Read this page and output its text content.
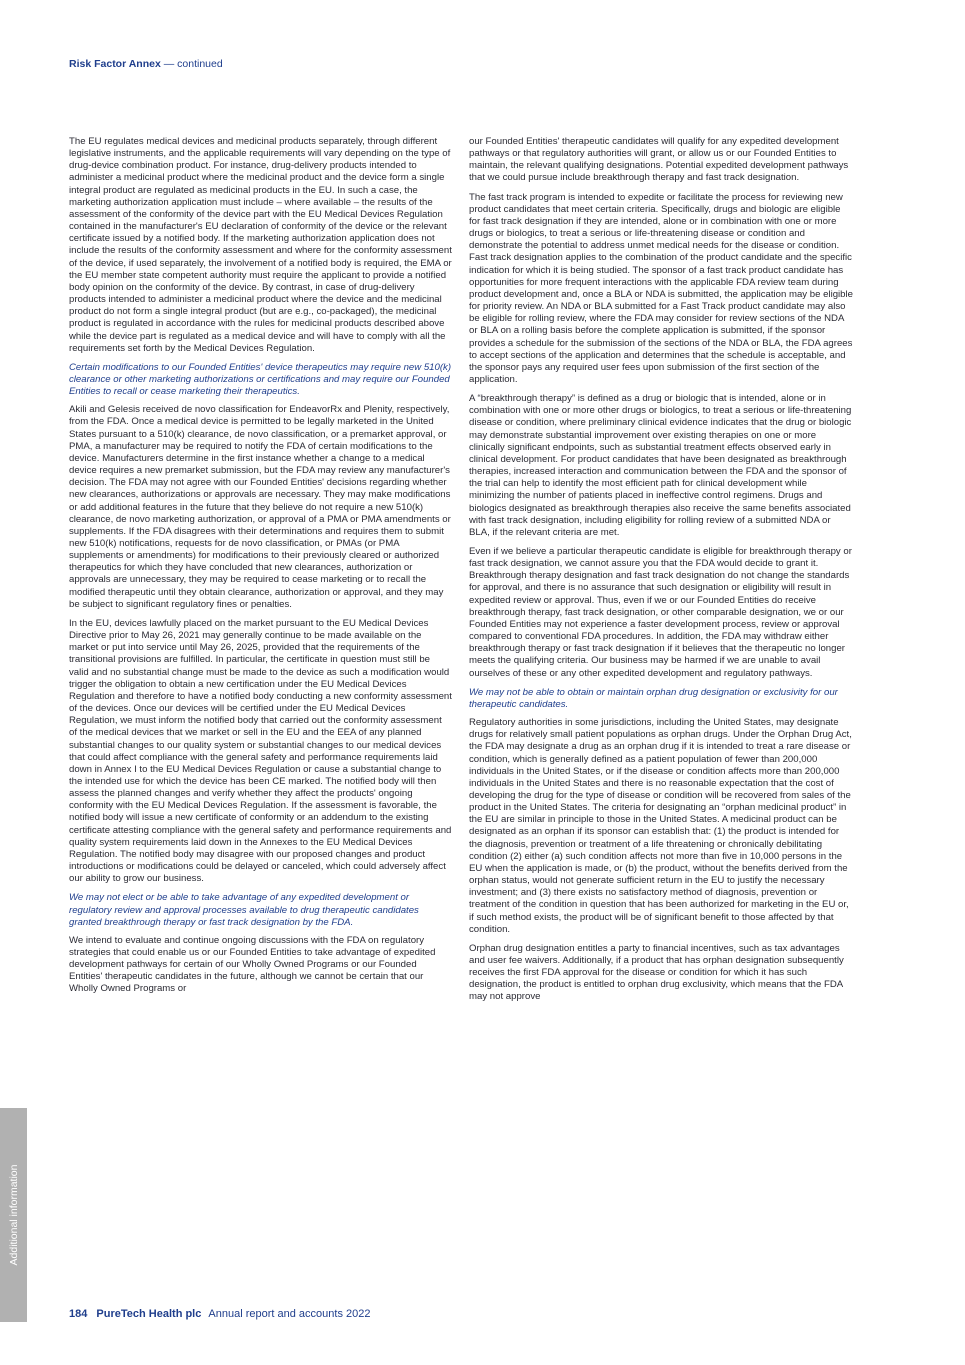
Risk Factor Annex — continued

The EU regulates medical devices and medicinal products separately, through different legislative instruments, and the applicable requirements will vary depending on the type of drug-device combination product. For instance, drug-delivery products intended to administer a medicinal product where the medicinal product and the device form a single integral product are regulated as medicinal products in the EU. In such a case, the marketing authorization application must include – where available – the results of the assessment of the conformity of the device part with the EU Medical Devices Regulation contained in the manufacturer's EU declaration of conformity of the device or the relevant certificate issued by a notified body. If the marketing authorization application does not include the results of the conformity assessment and where for the conformity assessment of the device, if used separately, the involvement of a notified body is required, the EMA or the EU member state competent authority must require the applicant to provide a notified body opinion on the conformity of the device. By contrast, in case of drug-delivery products intended to administer a medicinal product where the device and the medicinal product do not form a single integral product (but are e.g., co-packaged), the medicinal product is regulated in accordance with the rules for medicinal products described above while the device part is regulated as a medical device and will have to comply with all the requirements set forth by the Medical Devices Regulation.

Certain modifications to our Founded Entities' device therapeutics may require new 510(k) clearance or other marketing authorizations or certifications and may require our Founded Entities to recall or cease marketing their therapeutics.

Akili and Gelesis received de novo classification for EndeavorRx and Plenity, respectively, from the FDA. Once a medical device is permitted to be legally marketed in the United States pursuant to a 510(k) clearance, de novo classification, or a premarket approval, or PMA, a manufacturer may be required to notify the FDA of certain modifications to the device. Manufacturers determine in the first instance whether a change to a medical device requires a new premarket submission, but the FDA may review any manufacturer's decision. The FDA may not agree with our Founded Entities' decisions regarding whether new clearances, authorizations or approvals are necessary. They may make modifications or add additional features in the future that they believe do not require a new 510(k) clearance, de novo marketing authorization, or approval of a PMA or PMA amendments or supplements. If the FDA disagrees with their determinations and requires them to submit new 510(k) notifications, requests for de novo classification, or PMAs (or PMA supplements or amendments) for modifications to their previously cleared or authorized therapeutics for which they have concluded that new clearances, authorization or approvals are unnecessary, they may be required to cease marketing or to recall the modified therapeutic until they obtain clearance, authorization or approval, and they may be subject to significant regulatory fines or penalties.

In the EU, devices lawfully placed on the market pursuant to the EU Medical Devices Directive prior to May 26, 2021 may generally continue to be made available on the market or put into service until May 26, 2025, provided that the requirements of the transitional provisions are fulfilled. In particular, the certificate in question must still be valid and no substantial change must be made to the device as such a modification would trigger the obligation to obtain a new certification under the EU Medical Devices Regulation and therefore to have a notified body conducting a new conformity assessment of the devices. Once our devices will be certified under the EU Medical Devices Regulation, we must inform the notified body that carried out the conformity assessment of the medical devices that we market or sell in the EU and the EEA of any planned substantial changes to our quality system or substantial changes to our medical devices that could affect compliance with the general safety and performance requirements laid down in Annex I to the EU Medical Devices Regulation or cause a substantial change to the intended use for which the device has been CE marked. The notified body will then assess the planned changes and verify whether they affect the products' ongoing conformity with the EU Medical Devices Regulation. If the assessment is favorable, the notified body will issue a new certificate of conformity or an addendum to the existing certificate attesting compliance with the general safety and performance requirements and quality system requirements laid down in the Annexes to the EU Medical Devices Regulation. The notified body may disagree with our proposed changes and product introductions or modifications could be delayed or canceled, which could adversely affect our ability to grow our business.

We may not elect or be able to take advantage of any expedited development or regulatory review and approval processes available to drug therapeutic candidates granted breakthrough therapy or fast track designation by the FDA.

We intend to evaluate and continue ongoing discussions with the FDA on regulatory strategies that could enable us or our Founded Entities to take advantage of expedited development pathways for certain of our Wholly Owned Programs or our Founded Entities' therapeutic candidates in the future, although we cannot be certain that our Wholly Owned Programs or

our Founded Entities' therapeutic candidates will qualify for any expedited development pathways or that regulatory authorities will grant, or allow us or our Founded Entities to maintain, the relevant qualifying designations. Potential expedited development pathways that we could pursue include breakthrough therapy and fast track designation.

The fast track program is intended to expedite or facilitate the process for reviewing new product candidates that meet certain criteria. Specifically, drugs and biologic are eligible for fast track designation if they are intended, alone or in combination with one or more drugs or biologics, to treat a serious or life-threatening disease or condition and demonstrate the potential to address unmet medical needs for the disease or condition. Fast track designation applies to the combination of the product candidate and the specific indication for which it is being studied. The sponsor of a fast track product candidate has opportunities for more frequent interactions with the applicable FDA review team during product development and, once a BLA or NDA is submitted, the application may be eligible for priority review. An NDA or BLA submitted for a Fast Track product candidate may also be eligible for rolling review, where the FDA may consider for review sections of the NDA or BLA on a rolling basis before the complete application is submitted, if the sponsor provides a schedule for the submission of the sections of the NDA or BLA, the FDA agrees to accept sections of the application and determines that the schedule is acceptable, and the sponsor pays any required user fees upon submission of the first section of the application.

A “breakthrough therapy” is defined as a drug or biologic that is intended, alone or in combination with one or more other drugs or biologics, to treat a serious or life-threatening disease or condition, where preliminary clinical evidence indicates that the drug or biologic may demonstrate substantial improvement over existing therapies on one or more clinically significant endpoints, such as substantial treatment effects observed early in clinical development. For product candidates that have been designated as breakthrough therapies, increased interaction and communication between the FDA and the sponsor of the trial can help to identify the most efficient path for clinical development while minimizing the number of patients placed in ineffective control regimens. Drugs and biologics designated as breakthrough therapies also receive the same benefits associated with fast track designation, including eligibility for rolling review of a submitted NDA or BLA, if the relevant criteria are met.

Even if we believe a particular therapeutic candidate is eligible for breakthrough therapy or fast track designation, we cannot assure you that the FDA would decide to grant it. Breakthrough therapy designation and fast track designation do not change the standards for approval, and there is no assurance that such designation or eligibility will result in expedited review or approval. Thus, even if we or our Founded Entities do receive breakthrough therapy, fast track designation, or other comparable designation, we or our Founded Entities may not experience a faster development process, review or approval compared to conventional FDA procedures. In addition, the FDA may withdraw either breakthrough therapy or fast track designation if it believes that the therapeutic no longer meets the qualifying criteria. Our business may be harmed if we are unable to avail ourselves of these or any other expedited development and regulatory pathways.

We may not be able to obtain or maintain orphan drug designation or exclusivity for our therapeutic candidates.

Regulatory authorities in some jurisdictions, including the United States, may designate drugs for relatively small patient populations as orphan drugs. Under the Orphan Drug Act, the FDA may designate a drug as an orphan drug if it is intended to treat a rare disease or condition, which is generally defined as a patient population of fewer than 200,000 individuals in the United States, or if the disease or condition affects more than 200,000 individuals in the United States and there is no reasonable expectation that the cost of developing the drug for the type of disease or condition will be recovered from sales of the product in the United States. The criteria for designating an “orphan medicinal product” in the EU are similar in principle to those in the United States. A medicinal product can be designated as an orphan if its sponsor can establish that: (1) the product is intended for the diagnosis, prevention or treatment of a life threatening or chronically debilitating condition (2) either (a) such condition affects not more than five in 10,000 persons in the EU when the application is made, or (b) the product, without the benefits derived from the orphan status, would not generate sufficient return in the EU to justify the necessary investment; and (3) there exists no satisfactory method of diagnosis, prevention or treatment of the condition in question that has been authorized for marketing in the EU or, if such method exists, the product will be of significant benefit to those affected by that condition.

Orphan drug designation entitles a party to financial incentives, such as tax advantages and user fee waivers. Additionally, if a product that has orphan designation subsequently receives the first FDA approval for the disease or condition for which it has such designation, the product is entitled to orphan drug exclusivity, which means that the FDA may not approve

Additional information
184 PureTech Health plc Annual report and accounts 2022
